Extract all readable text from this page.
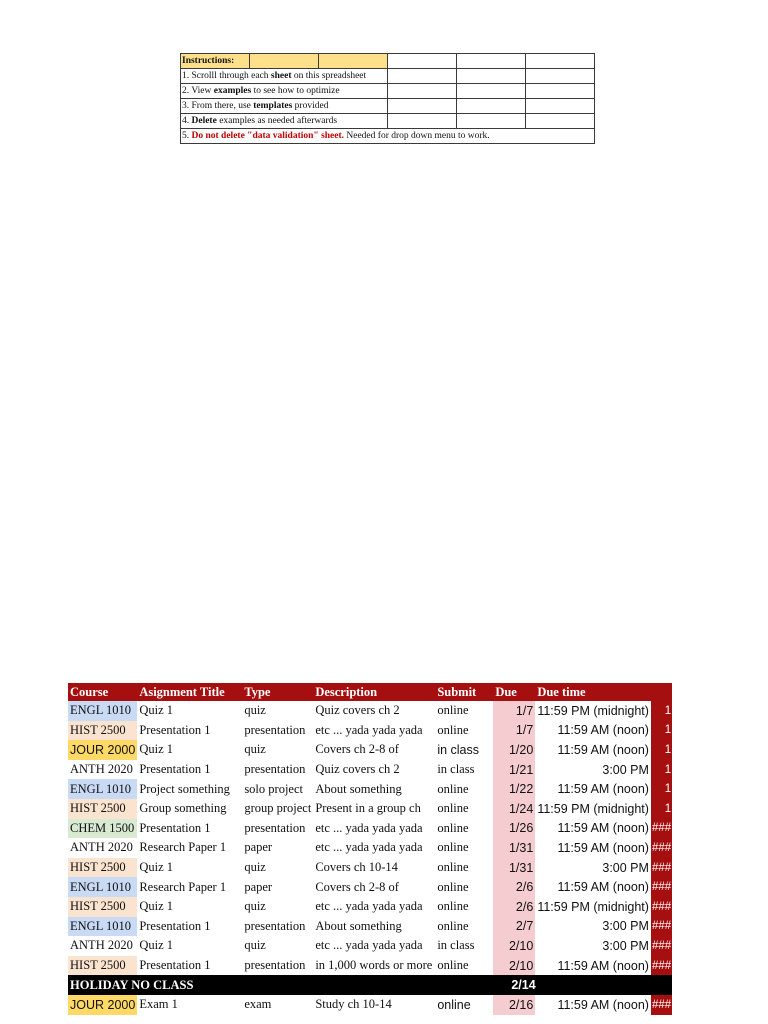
Instructions:					
1. Scrolll through each sheet on this spreadsheet					
2. View examples to see how to optimize					
3. From there, use templates provided					
4. Delete examples as needed afterwards					
5. Do not delete "data validation" sheet. Needed for drop down menu to work.					
Course	Asignment Title	Type	Description	Submit	Due	Due time	
ENGL 1010	Quiz 1	quiz	Quiz covers ch 2	online	1/7	11:59 PM (midnight)	1
HIST 2500	Presentation 1	presentation	etc ... yada yada yada	online	1/7	11:59 AM (noon)	1
JOUR 2000	Quiz 1	quiz	Covers ch 2-8 of	in class	1/20	11:59 AM (noon)	1
ANTH 2020	Presentation 1	presentation	Quiz covers ch 2	in class	1/21	3:00 PM	1
ENGL 1010	Project something	solo project	About something	online	1/22	11:59 AM (noon)	1
HIST 2500	Group something	group project	Present in a group ch	online	1/24	11:59 PM (midnight)	1
CHEM 1500	Presentation 1	presentation	etc ... yada yada yada	online	1/26	11:59 AM (noon)	###
ANTH 2020	Research Paper 1	paper	etc ... yada yada yada	online	1/31	11:59 AM (noon)	###
HIST 2500	Quiz 1	quiz	Covers ch 10-14	online	1/31	3:00 PM	###
ENGL 1010	Research Paper 1	paper	Covers ch 2-8 of	online	2/6	11:59 AM (noon)	###
HIST 2500	Quiz 1	quiz	etc ... yada yada yada	online	2/6	11:59 PM (midnight)	###
ENGL 1010	Presentation 1	presentation	About something	online	2/7	3:00 PM	###
ANTH 2020	Quiz 1	quiz	etc ... yada yada yada	in class	2/10	3:00 PM	###
HIST 2500	Presentation 1	presentation	in 1,000 words or more	online	2/10	11:59 AM (noon)	###
HOLIDAY NO CLASS					2/14		
JOUR 2000	Exam 1	exam	Study ch 10-14	online	2/16	11:59 AM (noon)	###
